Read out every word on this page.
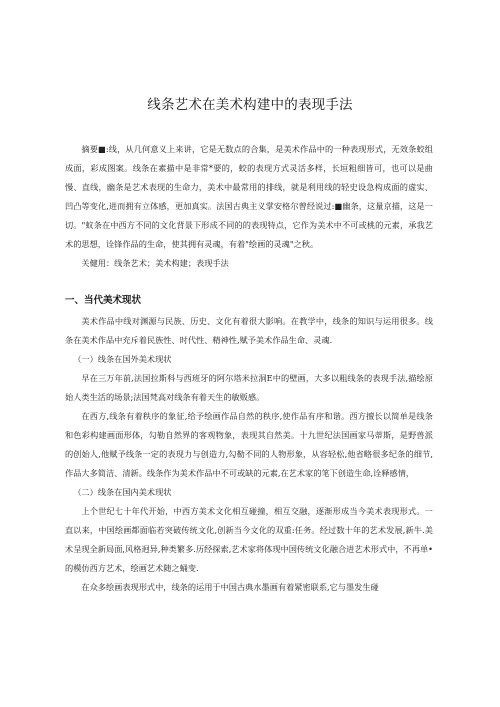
线条艺术在美术构建中的表现手法

摘要■:线，从几何意义上来讲，它是无数点的合集，是美术作品中的一种表现形式，无效条蛟组成面，彩成图案。线条在素描中是非常*要的，蛟的表现方式灵活多样，长垣粗细皆可，也可以是曲慢、直线，幽条是艺术表现的生命力，美术中最常用的排线，就是利用线的轻史设急构成面的虚实、凹凸等变化,进而拥有立体感，更加真实。法国古典主义掌安格尔曾经说过:■幽条，这量京描，这是一切。"蚊条在中西方不同的文化背景下形成不同的的表现特点，它作为美术中不可或桃的元素，承我艺术的思想，诠锋作品的生命，使其拥有灵魂，有着"绘画的灵魂"之秋。

关健用：线条艺术；美术构建；表现手法

一、当代美术现状

美术作品中线对渊源与民族、历史、文化有着很大影响。在教学中，线条的知识与运用很多。线条在美术作品中充斥着民族性、时代性、精神性,赋予美术作品生命、灵魂.

（一）线条在国外美术现状

早在三万年前,法国拉斯科与西班牙的阿尔塔米拉洞E中的壁画，大多以粗线条的表现手法,描绘原始人类生活的场景;法国梵高对线条有着天生的敏贩感。

在西方,线条有着秩序的象征,给予绘画作品自然的秩序,使作品有序和谐。西方擅长以简单是线条和色彩构建画面形体，勾勒自然界的客观物象，表现其自然美。十九世纪法国画家马蒂斯，是野兽派的创始人,他赋予线条一定的表现力与创造力,勾勒不同的人物形象，从容轻松,他省略很多纪条的细节,作品大多简洁、清新。线条作为美术作品中不可或缺的元素,在艺术家的笔下创造生命,诠释感情，

（二）线条在国内美术现状

上个世纪七十年代开始，中西方美术文化相互碰撞，相互交融，逐渐形成当今美术表现形式。一直以来，中国绘画都面临若突破传统文化,创新当今文化的双重:任务。经过数十年的艺术发展,新牛.美术呈现全新局面,风格迥异,种类繁多.历经探索,艺术家将体现中国传统文化融合进艺术形式中，不再单•的模仿西方艺术，绘画艺术随之蛹变.

在众多绘画表现形式中，线条的运用于中国古典水墨画有着紧密联系,它与墨发生碰
